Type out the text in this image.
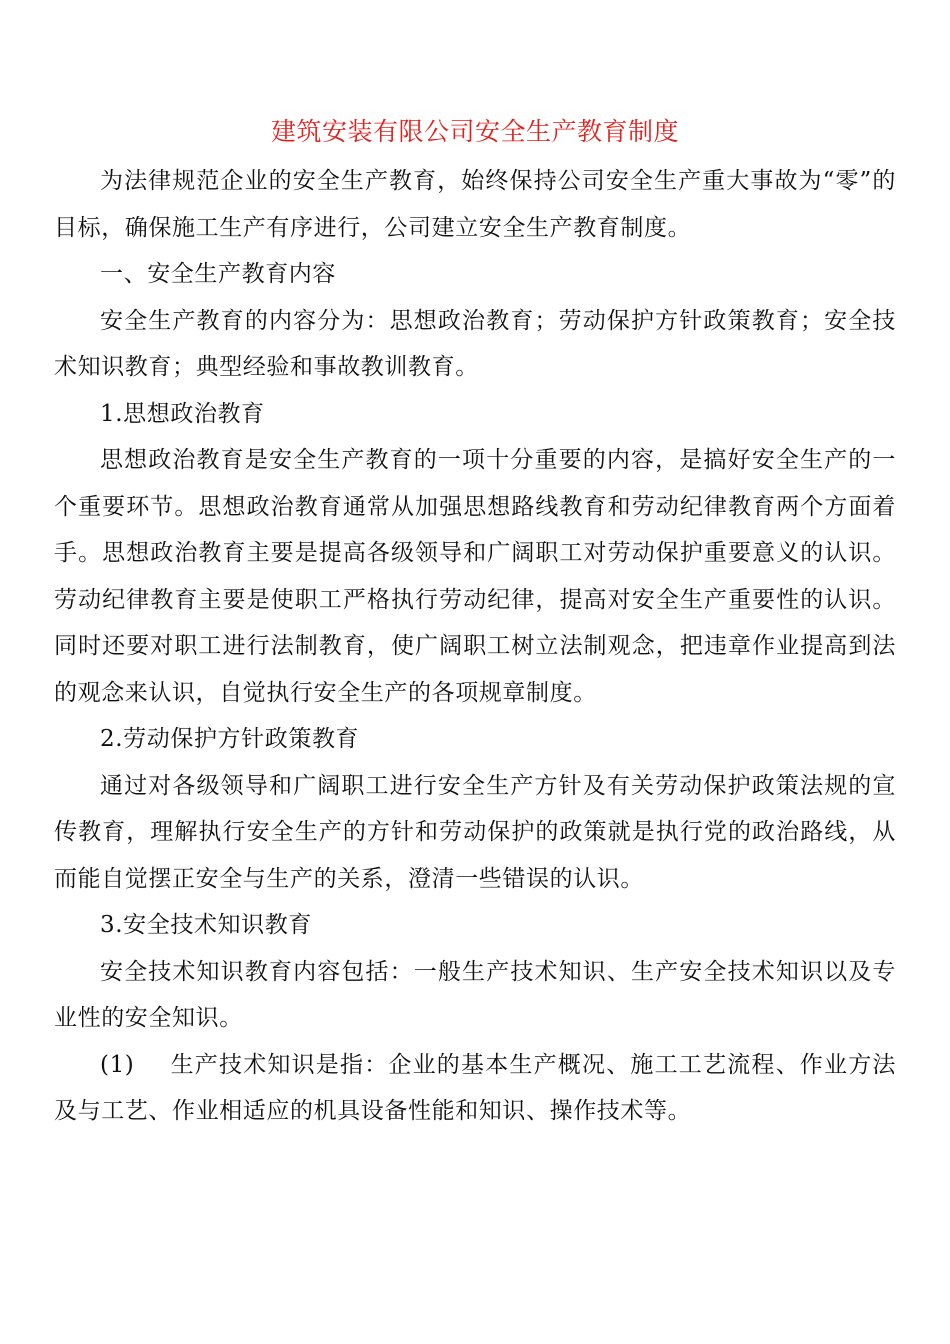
建筑安装有限公司安全生产教育制度

为法律规范企业的安全生产教育，始终保持公司安全生产重大事故为“零”的目标，确保施工生产有序进行，公司建立安全生产教育制度。

一、安全生产教育内容

安全生产教育的内容分为：思想政治教育；劳动保护方针政策教育；安全技术知识教育；典型经验和事故教训教育。

1.思想政治教育

思想政治教育是安全生产教育的一项十分重要的内容，是搞好安全生产的一个重要环节。思想政治教育通常从加强思想路线教育和劳动纪律教育两个方面着手。思想政治教育主要是提高各级领导和广阔职工对劳动保护重要意义的认识。劳动纪律教育主要是使职工严格执行劳动纪律，提高对安全生产重要性的认识。同时还要对职工进行法制教育，使广阔职工树立法制观念，把违章作业提高到法的观念来认识，自觉执行安全生产的各项规章制度。

2.劳动保护方针政策教育

通过对各级领导和广阔职工进行安全生产方针及有关劳动保护政策法规的宣传教育，理解执行安全生产的方针和劳动保护的政策就是执行党的政治路线，从而能自觉摆正安全与生产的关系，澄清一些错误的认识。

3.安全技术知识教育

安全技术知识教育内容包括：一般生产技术知识、生产安全技术知识以及专业性的安全知识。

(1) 生产技术知识是指：企业的基本生产概况、施工工艺流程、作业方法及与工艺、作业相适应的机具设备性能和知识、操作技术等。
